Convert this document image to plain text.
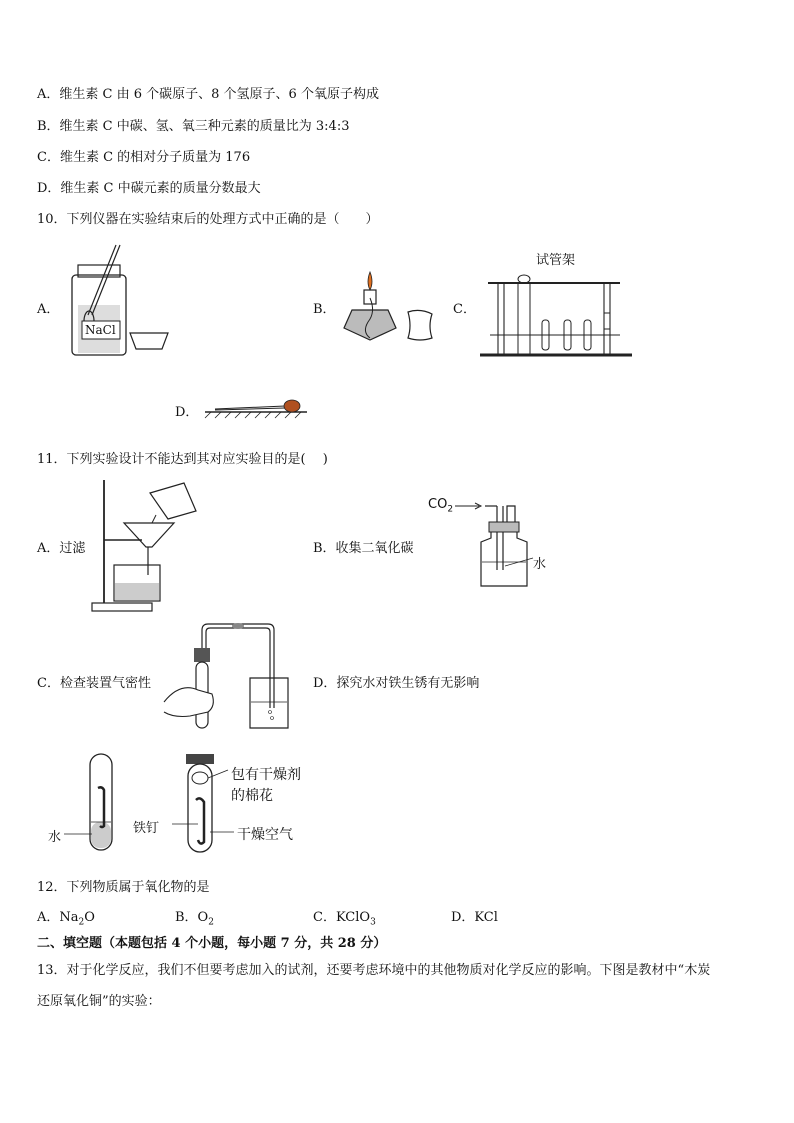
A．维生素 C 由 6 个碳原子、8 个氢原子、6 个氧原子构成
B．维生素 C 中碳、氢、氧三种元素的质量比为 3:4:3
C．维生素 C 的相对分子质量为 176
D．维生素 C 中碳元素的质量分数最大
10．下列仪器在实验结束后的处理方式中正确的是（　　）
A．
NaCl
B．	C．
试管架
D．
11．下列实验设计不能达到其对应实验目的是(　 )
A．过滤	B．收集二氧化碳
$CO_2$
水
C．检查装置气密性	D．探究水对铁生锈有无影响
水
铁钉
包有干燥剂
的棉花
干燥空气
12．下列物质属于氧化物的是
A．$Na_2O$	B．$O_2$	C．KClO$_3$	D．KCl
二、填空题（本题包括 4 个小题，每小题 7 分，共 28 分）
13．对于化学反应，我们不但要考虑加入的试剂，还要考虑环境中的其他物质对化学反应的影响。下图是教材中“木炭
还原氧化铜”的实验：
